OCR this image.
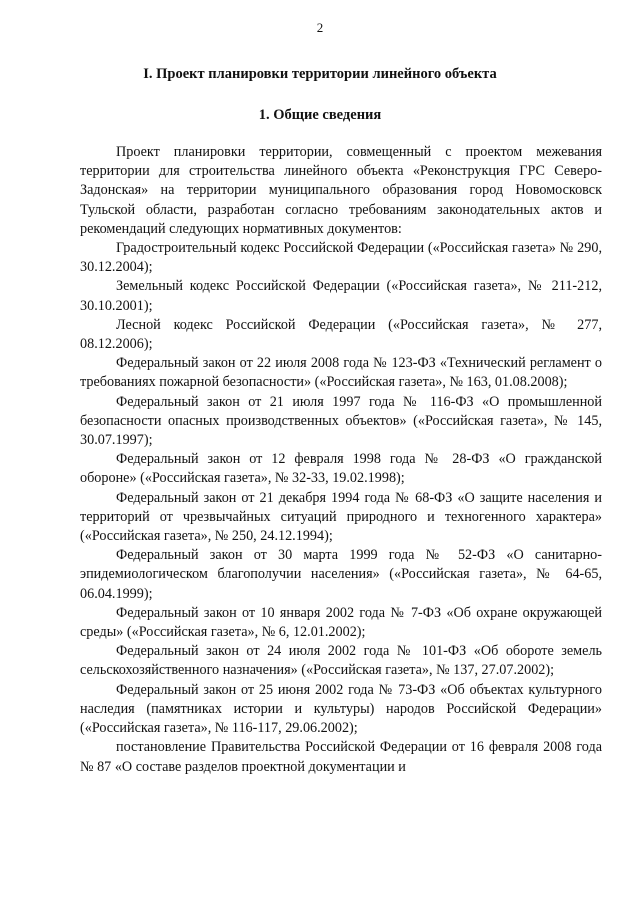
2
I. Проект планировки территории линейного объекта
1. Общие сведения

Проект планировки территории, совмещенный с проектом межевания территории для строительства линейного объекта «Реконструкция ГРС Северо-Задонская» на территории муниципального образования город Новомосковск Тульской области, разработан согласно требованиям законодательных актов и рекомендаций следующих нормативных документов:

Градостроительный кодекс Российской Федерации («Российская газета» № 290, 30.12.2004);

Земельный кодекс Российской Федерации («Российская газета», № 211-212, 30.10.2001);

Лесной кодекс Российской Федерации («Российская газета», № 277, 08.12.2006);

Федеральный закон от 22 июля 2008 года № 123-ФЗ «Технический регламент о требованиях пожарной безопасности» («Российская газета», № 163, 01.08.2008);

Федеральный закон от 21 июля 1997 года № 116-ФЗ «О промышленной безопасности опасных производственных объектов» («Российская газета», № 145, 30.07.1997);

Федеральный закон от 12 февраля 1998 года № 28-ФЗ «О гражданской обороне» («Российская газета», № 32-33, 19.02.1998);

Федеральный закон от 21 декабря 1994 года № 68-ФЗ «О защите населения и территорий от чрезвычайных ситуаций природного и техногенного характера» («Российская газета», № 250, 24.12.1994);

Федеральный закон от 30 марта 1999 года № 52-ФЗ «О санитарно-эпидемиологическом благополучии населения» («Российская газета», № 64-65, 06.04.1999);

Федеральный закон от 10 января 2002 года № 7-ФЗ «Об охране окружающей среды» («Российская газета», № 6, 12.01.2002);

Федеральный закон от 24 июля 2002 года № 101-ФЗ «Об обороте земель сельскохозяйственного назначения» («Российская газета», № 137, 27.07.2002);

Федеральный закон от 25 июня 2002 года № 73-ФЗ «Об объектах культурного наследия (памятниках истории и культуры) народов Российской Федерации» («Российская газета», № 116-117, 29.06.2002);

постановление Правительства Российской Федерации от 16 февраля 2008 года № 87 «О составе разделов проектной документации и
